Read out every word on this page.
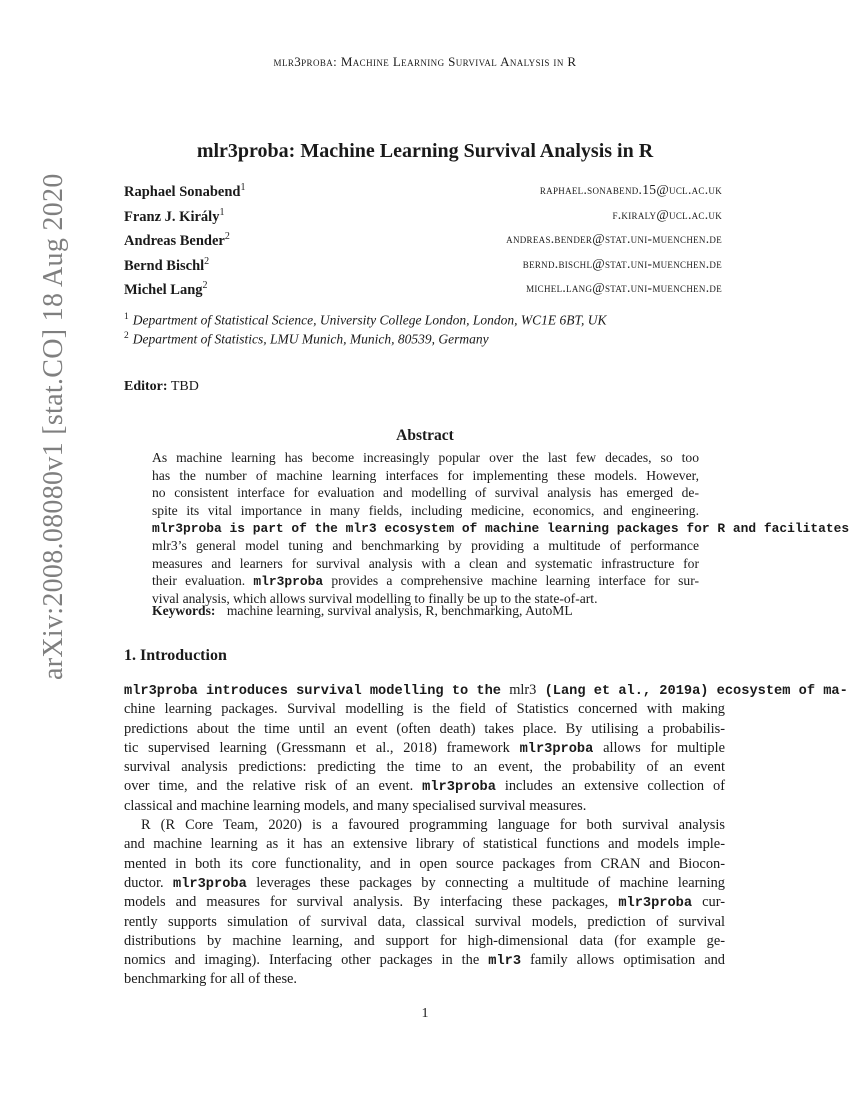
mlr3proba: Machine Learning Survival Analysis in R
arXiv:2008.08080v1 [stat.CO] 18 Aug 2020
mlr3proba: Machine Learning Survival Analysis in R
Raphael Sonabend$^1$	raphael.sonabend.15@ucl.ac.uk
Franz J. Király$^1$	f.kiraly@ucl.ac.uk
Andreas Bender$^2$	andreas.bender@stat.uni-muenchen.de
Bernd Bischl$^2$	bernd.bischl@stat.uni-muenchen.de
Michel Lang$^2$	michel.lang@stat.uni-muenchen.de
$^1$ Department of Statistical Science, University College London, London, WC1E 6BT, UK
$^2$ Department of Statistics, LMU Munich, Munich, 80539, Germany
Editor: TBD
Abstract
As machine learning has become increasingly popular over the last few decades, so too
has the number of machine learning interfaces for implementing these models. However,
no consistent interface for evaluation and modelling of survival analysis has emerged de-
spite its vital importance in many fields, including medicine, economics, and engineering.
mlr3proba is part of the mlr3 ecosystem of machine learning packages for R and facilitates
mlr3’s general model tuning and benchmarking by providing a multitude of performance
measures and learners for survival analysis with a clean and systematic infrastructure for
their evaluation. mlr3proba provides a comprehensive machine learning interface for sur-
vival analysis, which allows survival modelling to finally be up to the state-of-art.
Keywords: machine learning, survival analysis, R, benchmarking, AutoML
1. Introduction
mlr3proba introduces survival modelling to the mlr3 (Lang et al., 2019a) ecosystem of ma-
chine learning packages. Survival modelling is the field of Statistics concerned with making
predictions about the time until an event (often death) takes place. By utilising a probabilis-
tic supervised learning (Gressmann et al., 2018) framework mlr3proba allows for multiple
survival analysis predictions: predicting the time to an event, the probability of an event
over time, and the relative risk of an event. mlr3proba includes an extensive collection of
classical and machine learning models, and many specialised survival measures.
R (R Core Team, 2020) is a favoured programming language for both survival analysis
and machine learning as it has an extensive library of statistical functions and models imple-
mented in both its core functionality, and in open source packages from CRAN and Biocon-
ductor. mlr3proba leverages these packages by connecting a multitude of machine learning
models and measures for survival analysis. By interfacing these packages, mlr3proba cur-
rently supports simulation of survival data, classical survival models, prediction of survival
distributions by machine learning, and support for high-dimensional data (for example ge-
nomics and imaging). Interfacing other packages in the mlr3 family allows optimisation and
benchmarking for all of these.
1
